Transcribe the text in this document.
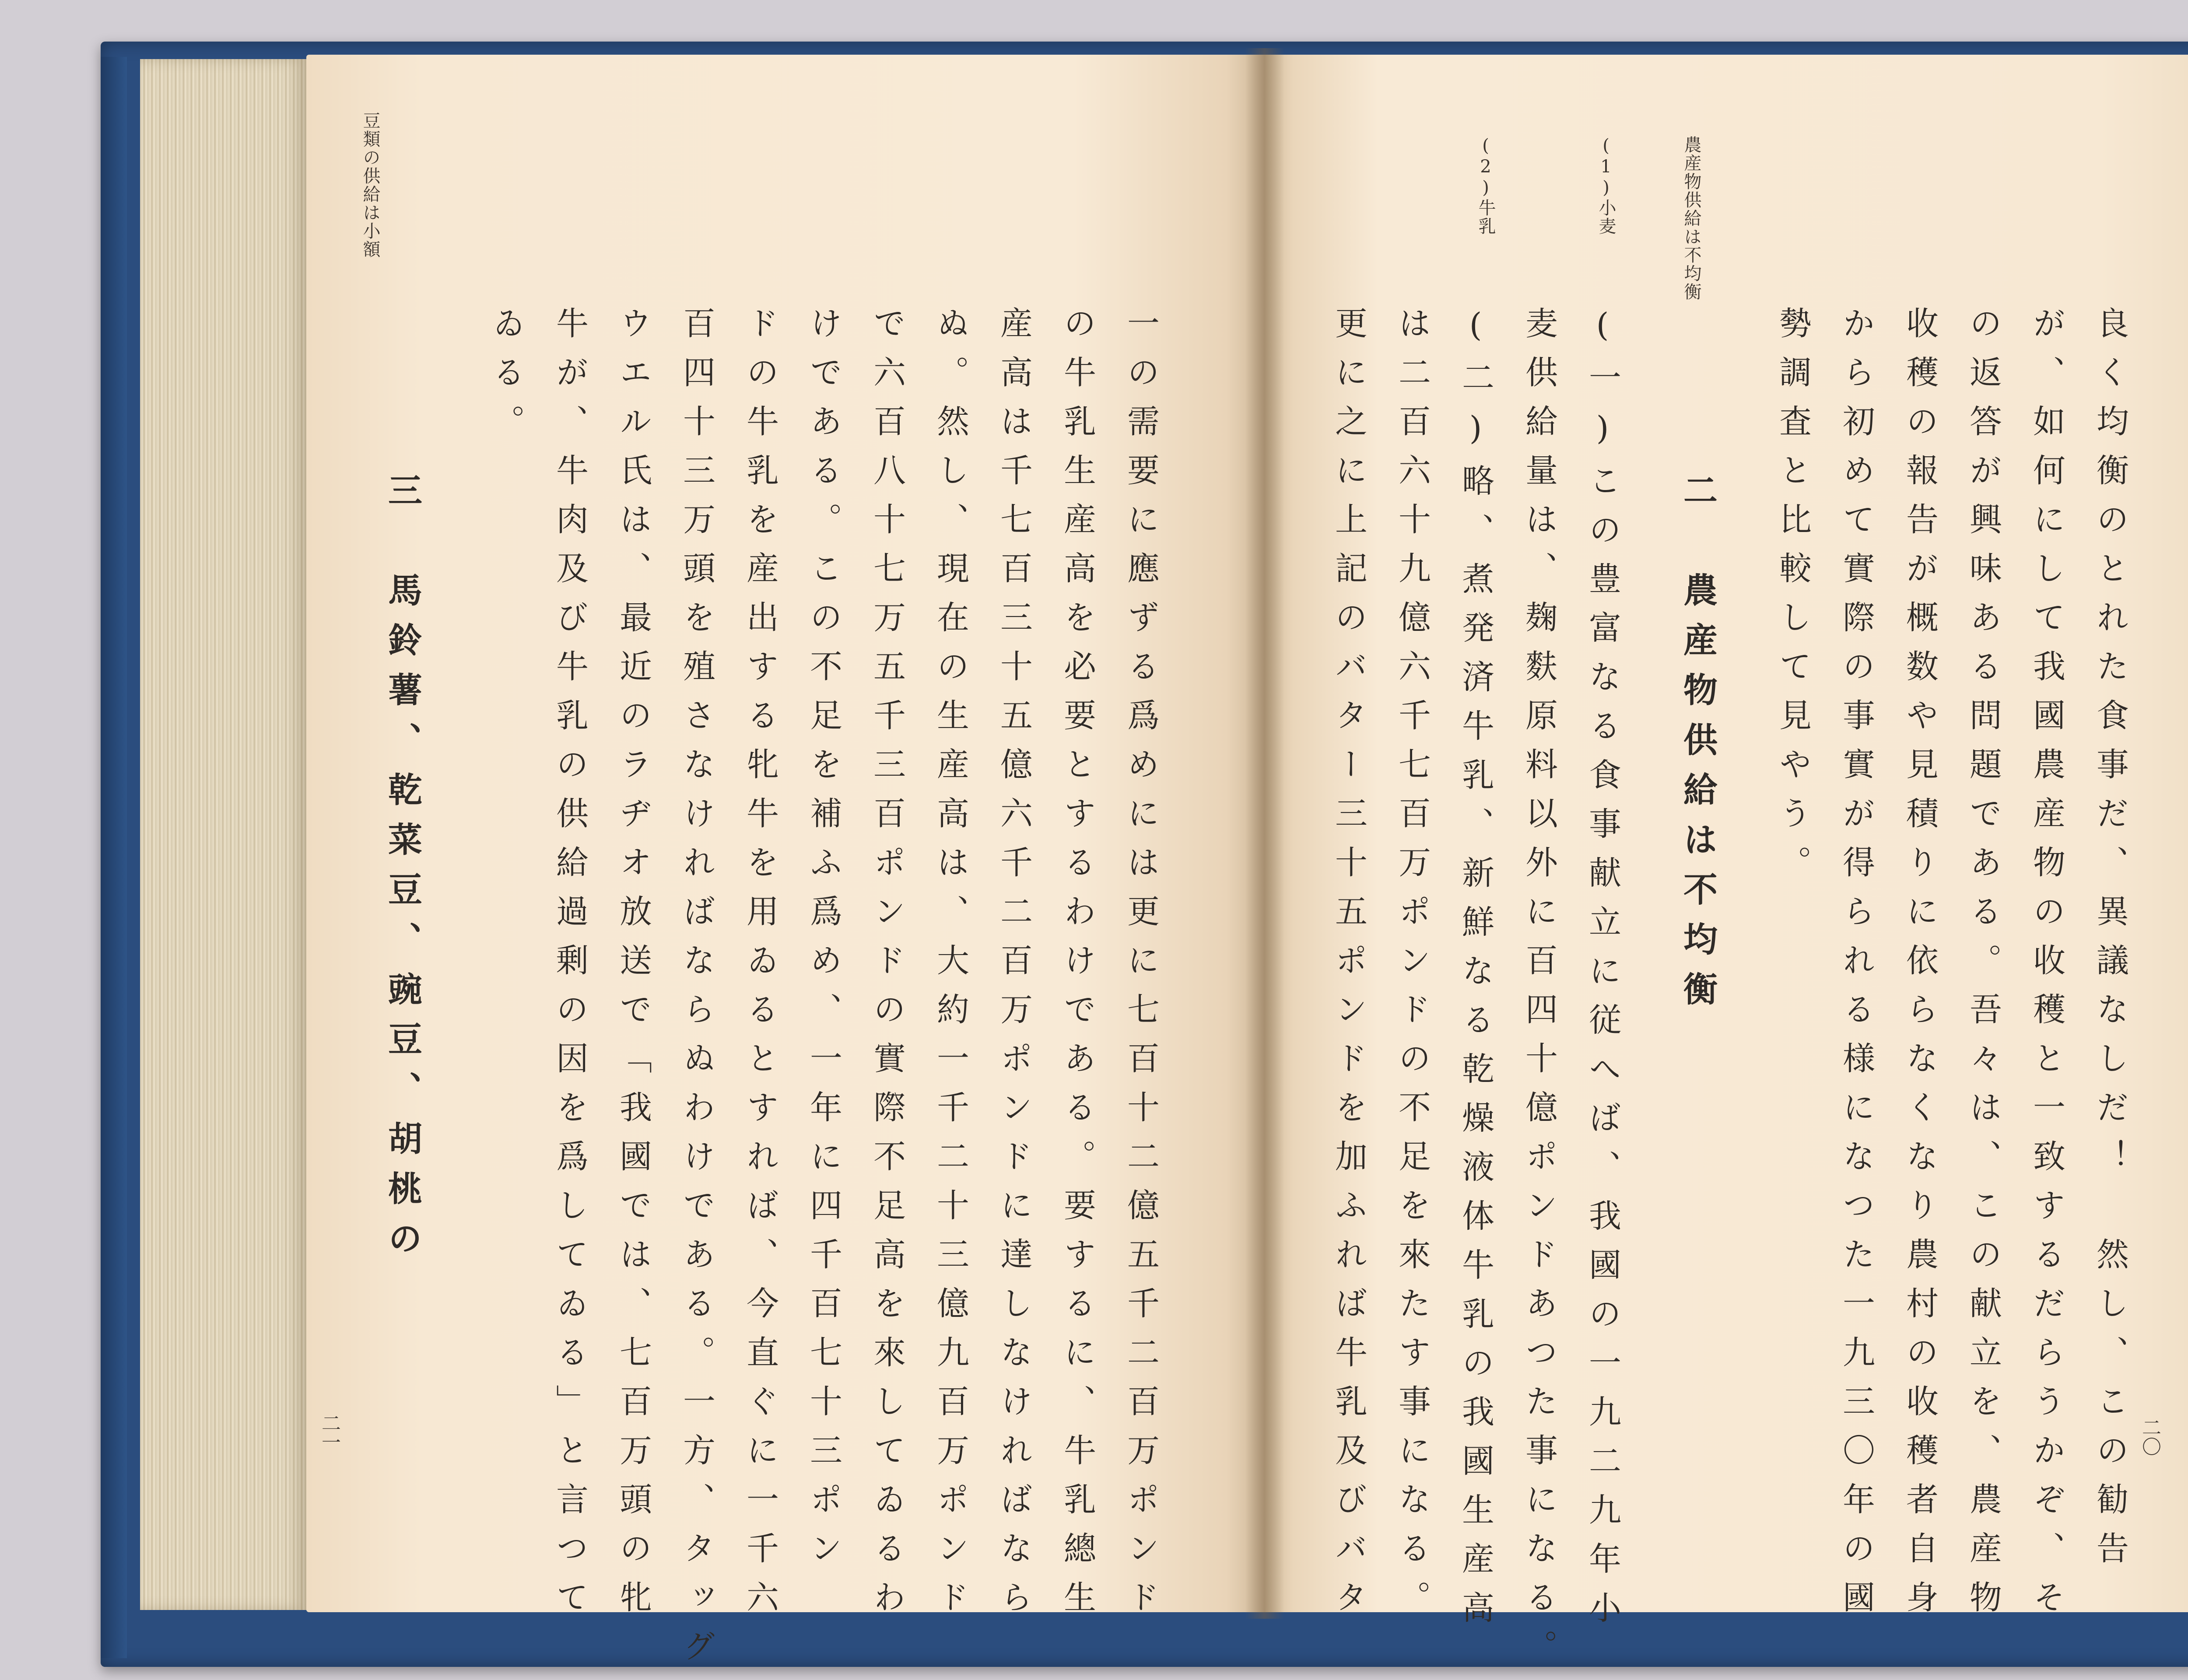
豆類の供給は小額
一の需要に應ずる爲めには更に七百十二億五千二百万ポンド
の牛乳生産高を必要とするわけである。要するに、牛乳總生
産高は千七百三十五億六千二百万ポンドに達しなければなら
ぬ。然し、現在の生産高は、大約一千二十三億九百万ポンド
で六百八十七万五千三百ポンドの實際不足高を來してゐるわ
けである。この不足を補ふ爲め、一年に四千百七十三ポン
ドの牛乳を産出する牝牛を用ゐるとすれば、今直ぐに一千六
百四十三万頭を殖さなければならぬわけである。一方、タッグ
ウエル氏は、最近のラヂオ放送で「我國では、七百万頭の牝
牛が、牛肉及び牛乳の供給過剰の因を爲してゐる」と言つて
ゐる。
三　馬鈴薯、乾菜豆、豌豆、胡桃の
二一
農産物供給は不均衡
(1)小麦
(2)牛乳
良く均衡のとれた食事だ、異議なしだ！　然し、この勧告
が、如何にして我國農産物の收穫と一致するだらうかぞ、そ
の返答が興味ある問題である。吾々は、この献立を、農産物
收穫の報告が概数や見積りに依らなくなり農村の收穫者自身
から初めて實際の事實が得られる様になつた一九三〇年の國
勢調査と比較して見やう。
二　農産物供給は不均衡
(一)この豊富なる食事献立に従へば、我國の一九二九年小
麦供給量は、麹麩原料以外に百四十億ポンドあつた事になる。
(二)略、煮発済牛乳、新鮮なる乾燥液体牛乳の我國生産高
は二百六十九億六千七百万ポンドの不足を來たす事になる。
更に之に上記のバター三十五ポンドを加ふれば牛乳及びバタ	二〇
